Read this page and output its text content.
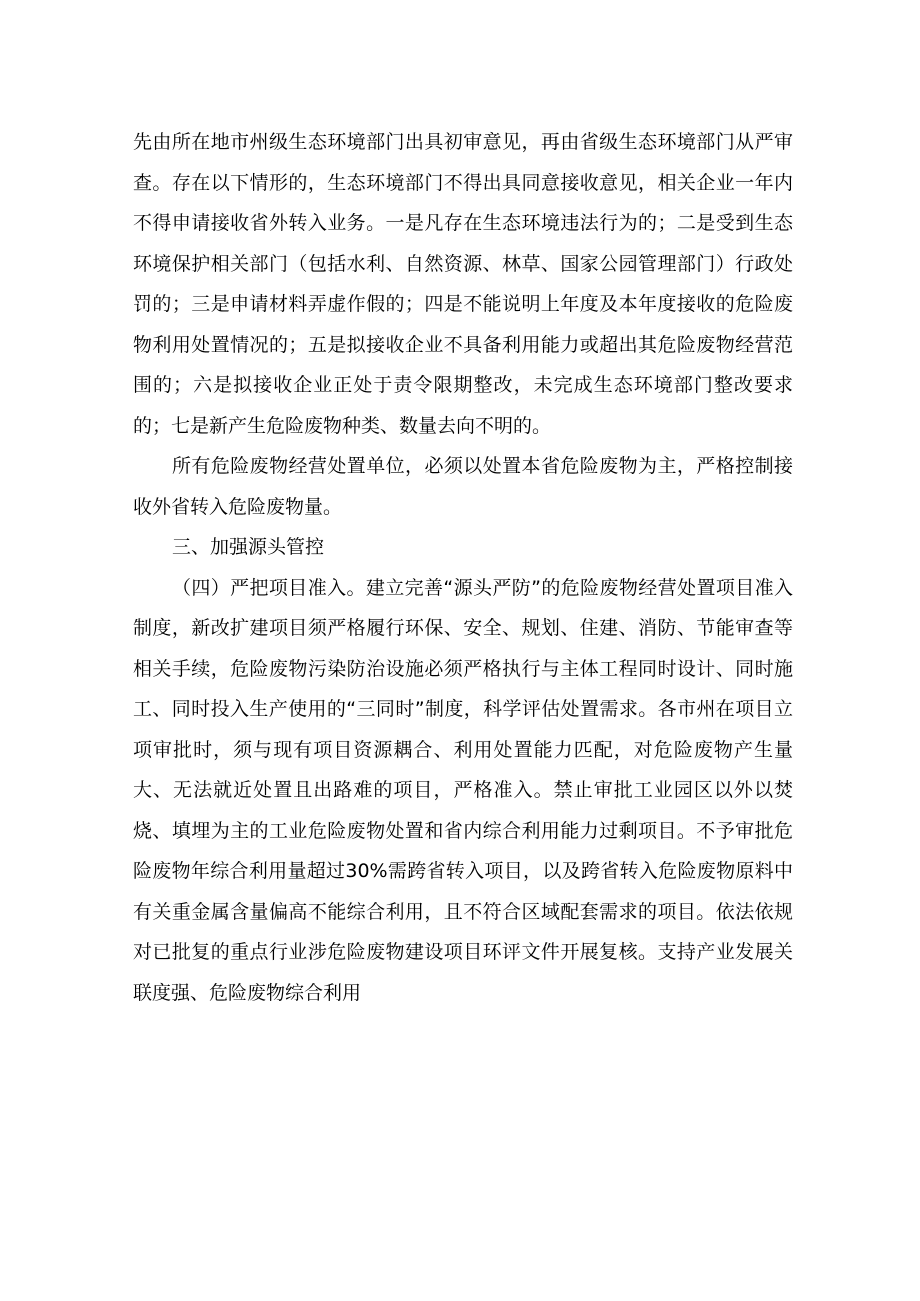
先由所在地市州级生态环境部门出具初审意见，再由省级生态环境部门从严审查。存在以下情形的，生态环境部门不得出具同意接收意见，相关企业一年内不得申请接收省外转入业务。一是凡存在生态环境违法行为的；二是受到生态环境保护相关部门（包括水利、自然资源、林草、国家公园管理部门）行政处罚的；三是申请材料弄虚作假的；四是不能说明上年度及本年度接收的危险废物利用处置情况的；五是拟接收企业不具备利用能力或超出其危险废物经营范围的；六是拟接收企业正处于责令限期整改，未完成生态环境部门整改要求的；七是新产生危险废物种类、数量去向不明的。

所有危险废物经营处置单位，必须以处置本省危险废物为主，严格控制接收外省转入危险废物量。

三、加强源头管控

（四）严把项目准入。建立完善“源头严防”的危险废物经营处置项目准入制度，新改扩建项目须严格履行环保、安全、规划、住建、消防、节能审查等相关手续，危险废物污染防治设施必须严格执行与主体工程同时设计、同时施工、同时投入生产使用的“三同时”制度，科学评估处置需求。各市州在项目立项审批时，须与现有项目资源耦合、利用处置能力匹配，对危险废物产生量大、无法就近处置且出路难的项目，严格准入。禁止审批工业园区以外以焚烧、填埋为主的工业危险废物处置和省内综合利用能力过剩项目。不予审批危险废物年综合利用量超过30%需跨省转入项目，以及跨省转入危险废物原料中有关重金属含量偏高不能综合利用，且不符合区域配套需求的项目。依法依规对已批复的重点行业涉危险废物建设项目环评文件开展复核。支持产业发展关联度强、危险废物综合利用
